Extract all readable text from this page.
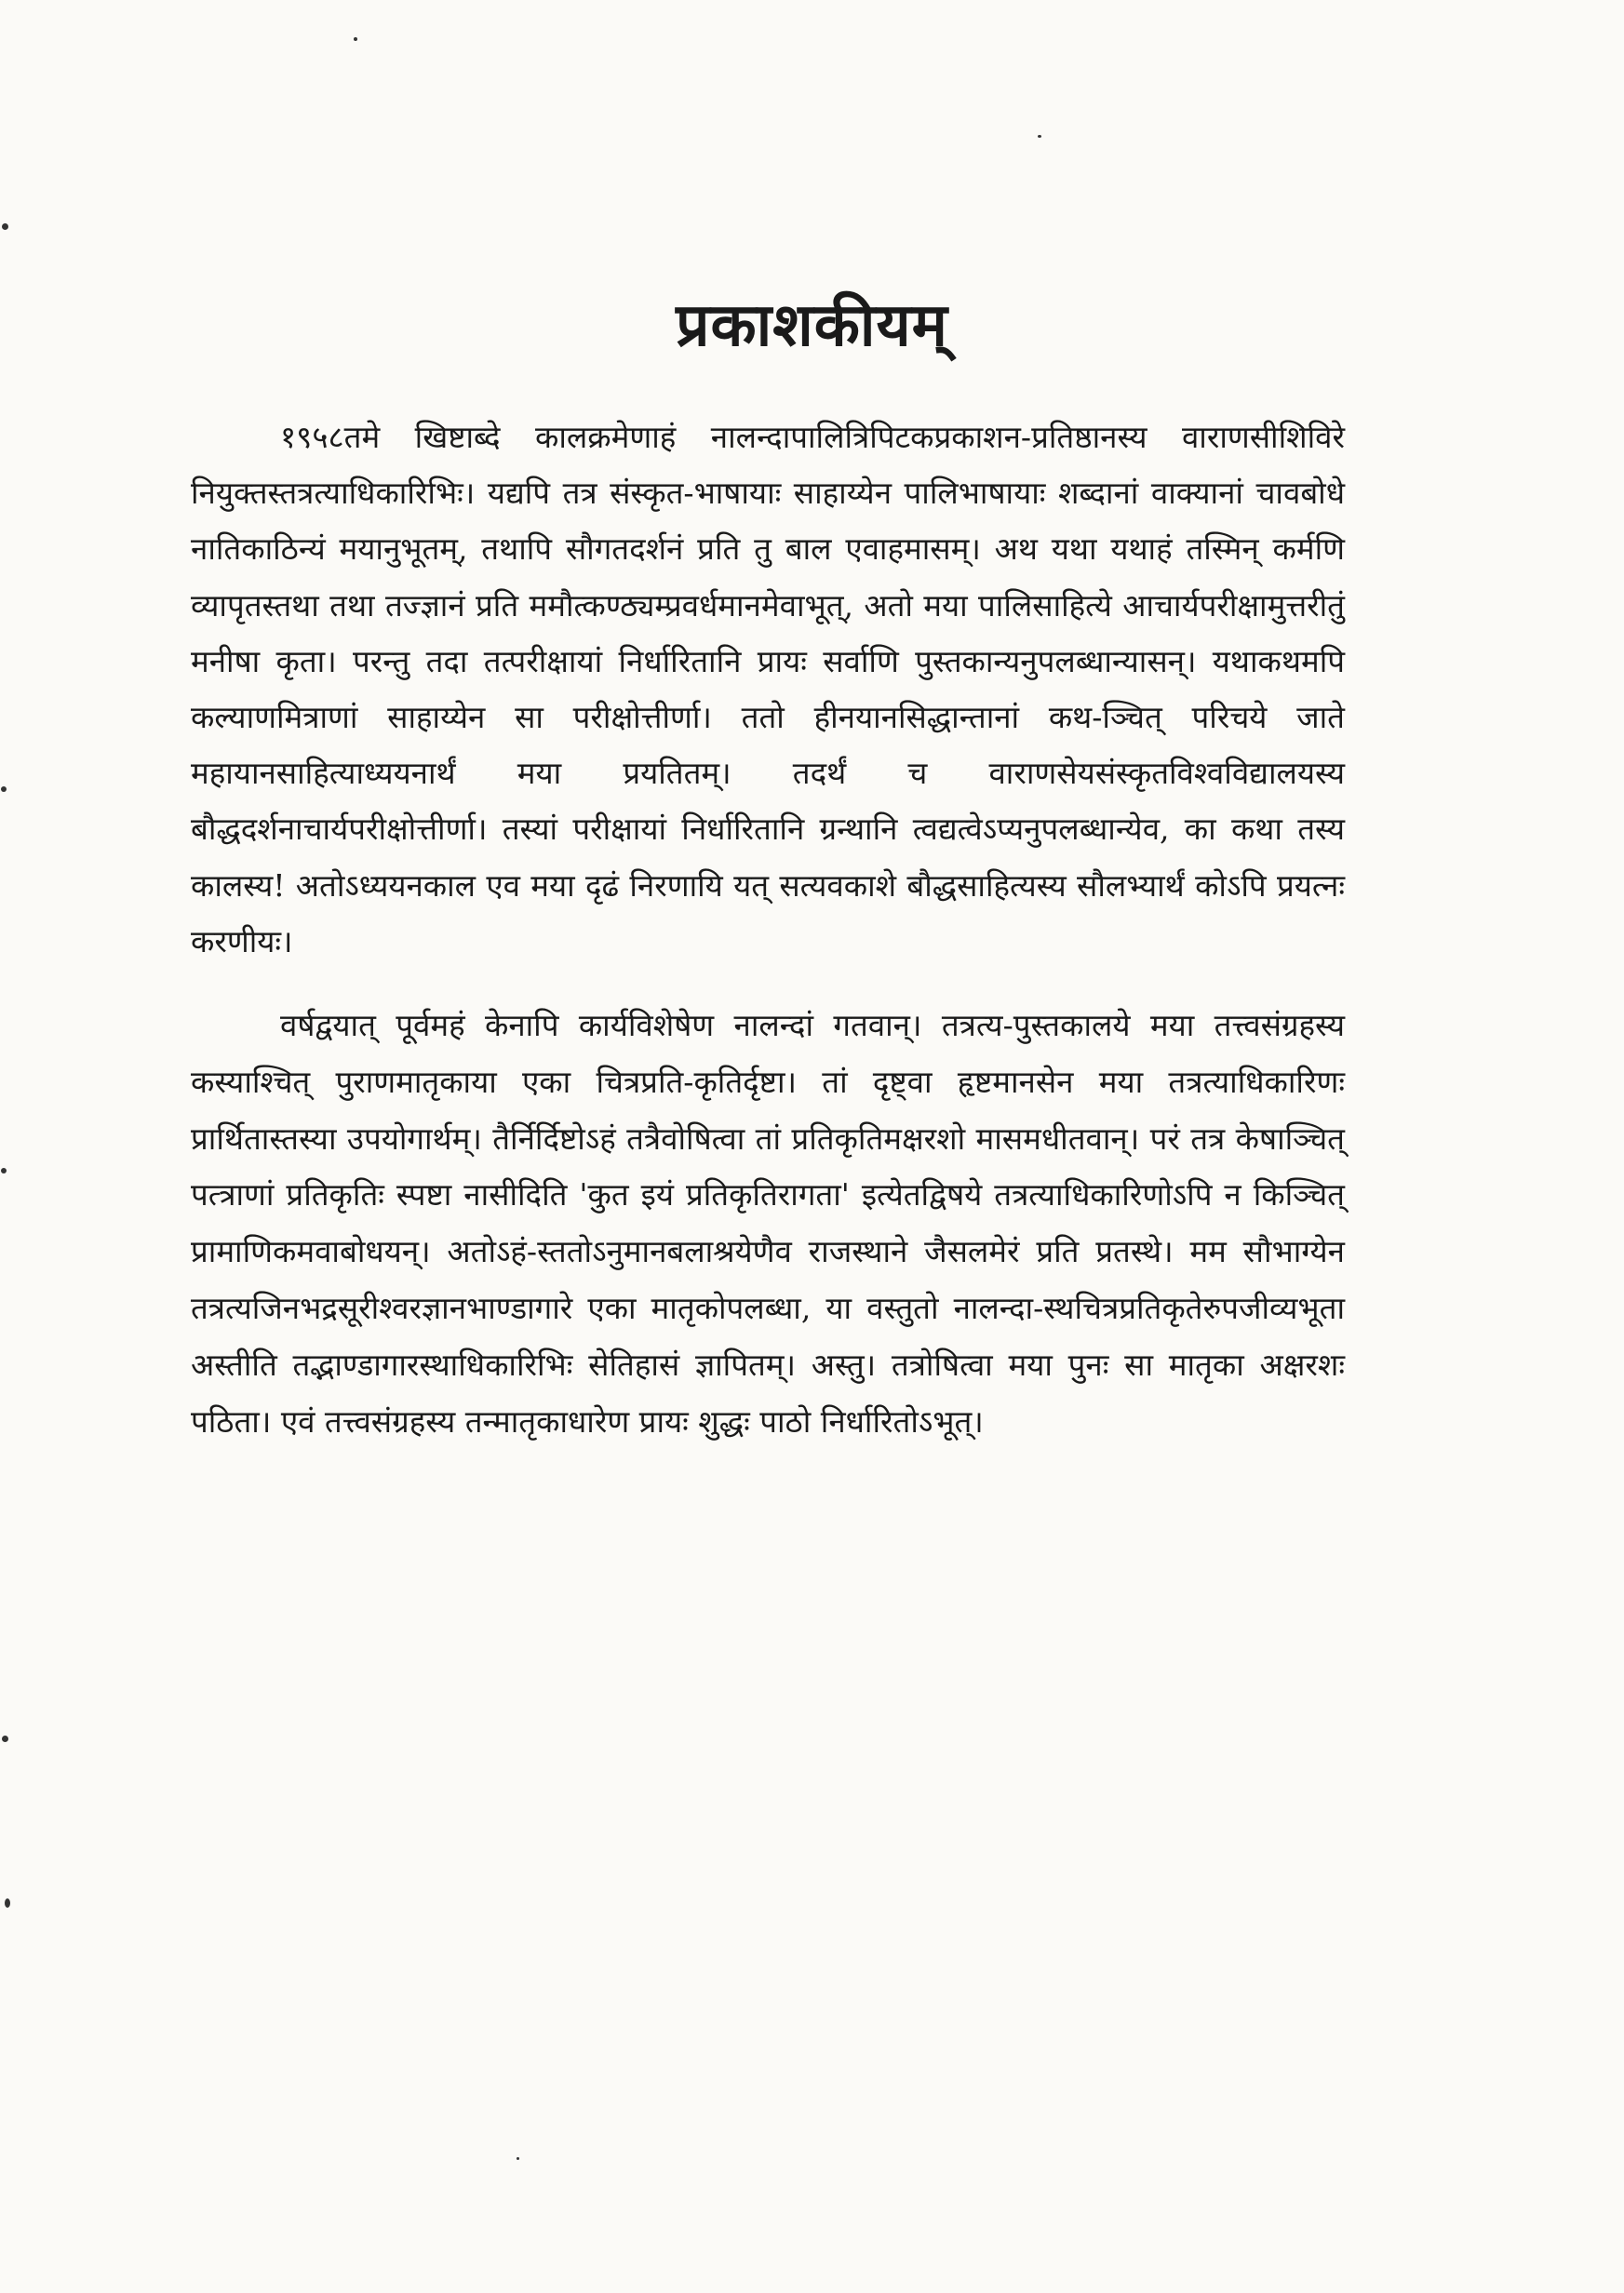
प्रकाशकीयम्

१९५८तमे खिष्टाब्दे कालक्रमेणाहं नालन्दापालित्रिपिटकप्रकाशन-प्रतिष्ठानस्य वाराणसीशिविरे नियुक्तस्तत्रत्याधिकारिभिः। यद्यपि तत्र संस्कृत-भाषायाः साहाय्येन पालिभाषायाः शब्दानां वाक्यानां चावबोधे नातिकाठिन्यं मयानुभूतम्, तथापि सौगतदर्शनं प्रति तु बाल एवाहमासम्। अथ यथा यथाहं तस्मिन् कर्मणि व्यापृतस्तथा तथा तज्ज्ञानं प्रति ममौत्कण्ठ्यम्प्रवर्धमानमेवाभूत्, अतो मया पालिसाहित्ये आचार्यपरीक्षामुत्तरीतुं मनीषा कृता। परन्तु तदा तत्परीक्षायां निर्धारितानि प्रायः सर्वाणि पुस्तकान्यनुपलब्धान्यासन्। यथाकथमपि कल्याणमित्राणां साहाय्येन सा परीक्षोत्तीर्णा। ततो हीनयानसिद्धान्तानां कथ-ञ्चित् परिचये जाते महायानसाहित्याध्ययनार्थं मया प्रयतितम्। तदर्थं च वाराणसेयसंस्कृतविश्वविद्यालयस्य बौद्धदर्शनाचार्यपरीक्षोत्तीर्णा। तस्यां परीक्षायां निर्धारितानि ग्रन्थानि त्वद्यत्वेऽप्यनुपलब्धान्येव, का कथा तस्य कालस्य! अतोऽध्ययनकाल एव मया दृढं निरणायि यत् सत्यवकाशे बौद्धसाहित्यस्य सौलभ्यार्थं कोऽपि प्रयत्नः करणीयः।

वर्षद्वयात् पूर्वमहं केनापि कार्यविशेषेण नालन्दां गतवान्। तत्रत्य-पुस्तकालये मया तत्त्वसंग्रहस्य कस्याश्चित् पुराणमातृकाया एका चित्रप्रति-कृतिर्दृष्टा। तां दृष्ट्वा हृष्टमानसेन मया तत्रत्याधिकारिणः प्रार्थितास्तस्या उपयोगार्थम्। तैर्निर्दिष्टोऽहं तत्रैवोषित्वा तां प्रतिकृतिमक्षरशो मासमधीतवान्। परं तत्र केषाञ्चित् पत्त्राणां प्रतिकृतिः स्पष्टा नासीदिति 'कुत इयं प्रतिकृतिरागता' इत्येतद्विषये तत्रत्याधिकारिणोऽपि न किञ्चित् प्रामाणिकमवाबोधयन्। अतोऽहं-स्ततोऽनुमानबलाश्रयेणैव राजस्थाने जैसलमेरं प्रति प्रतस्थे। मम सौभाग्येन तत्रत्यजिनभद्रसूरीश्वरज्ञानभाण्डागारे एका मातृकोपलब्धा, या वस्तुतो नालन्दा-स्थचित्रप्रतिकृतेरुपजीव्यभूता अस्तीति तद्भाण्डागारस्थाधिकारिभिः सेतिहासं ज्ञापितम्। अस्तु। तत्रोषित्वा मया पुनः सा मातृका अक्षरशः पठिता। एवं तत्त्वसंग्रहस्य तन्मातृकाधारेण प्रायः शुद्धः पाठो निर्धारितोऽभूत्।
